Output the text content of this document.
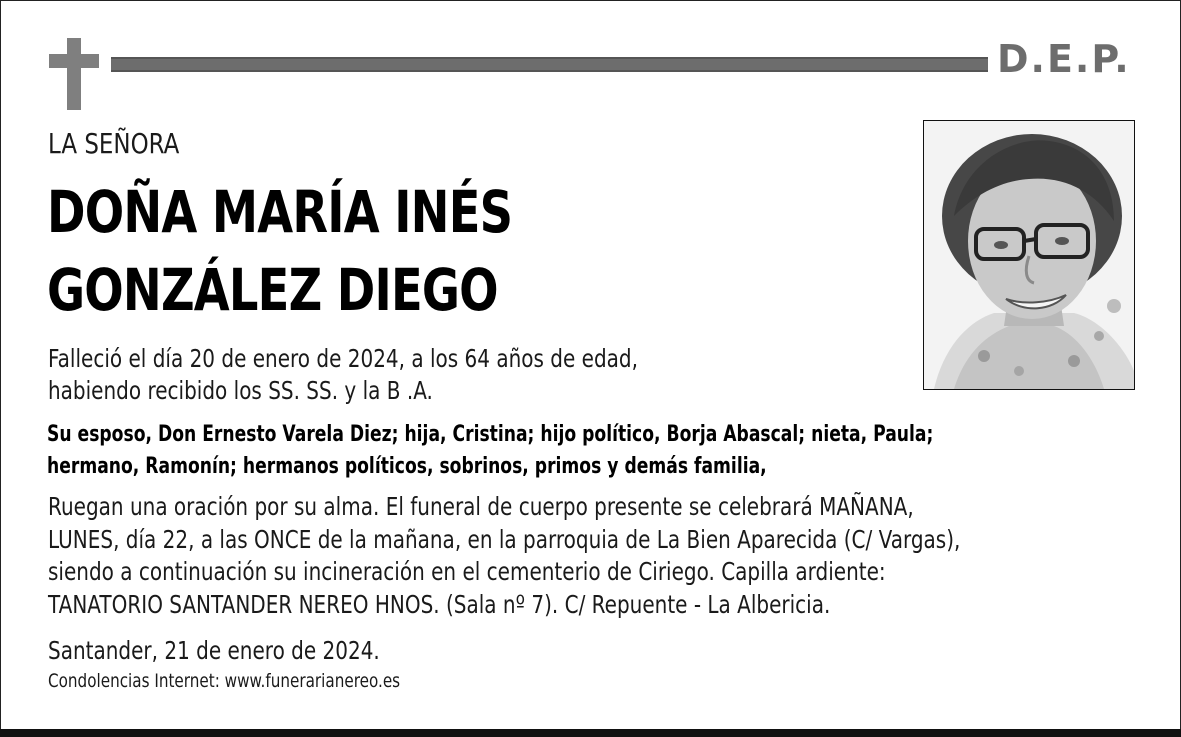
D.E.P.
LA SEÑORA
DOÑA MARÍA INÉS
GONZÁLEZ DIEGO
Falleció el día 20 de enero de 2024, a los 64 años de edad,
habiendo recibido los SS. SS. y la B .A.
Su esposo, Don Ernesto Varela Diez; hija, Cristina; hijo político, Borja Abascal; nieta, Paula;
hermano, Ramonín; hermanos políticos, sobrinos, primos y demás familia,
Ruegan una oración por su alma. El funeral de cuerpo presente se celebrará MAÑANA,
LUNES, día 22, a las ONCE de la mañana, en la parroquia de La Bien Aparecida (C/ Vargas),
siendo a continuación su incineración en el cementerio de Ciriego. Capilla ardiente:
TANATORIO SANTANDER NEREO HNOS. (Sala nº 7). C/ Repuente - La Albericia.
Santander, 21 de enero de 2024.
Condolencias Internet: www.funerarianereo.es
